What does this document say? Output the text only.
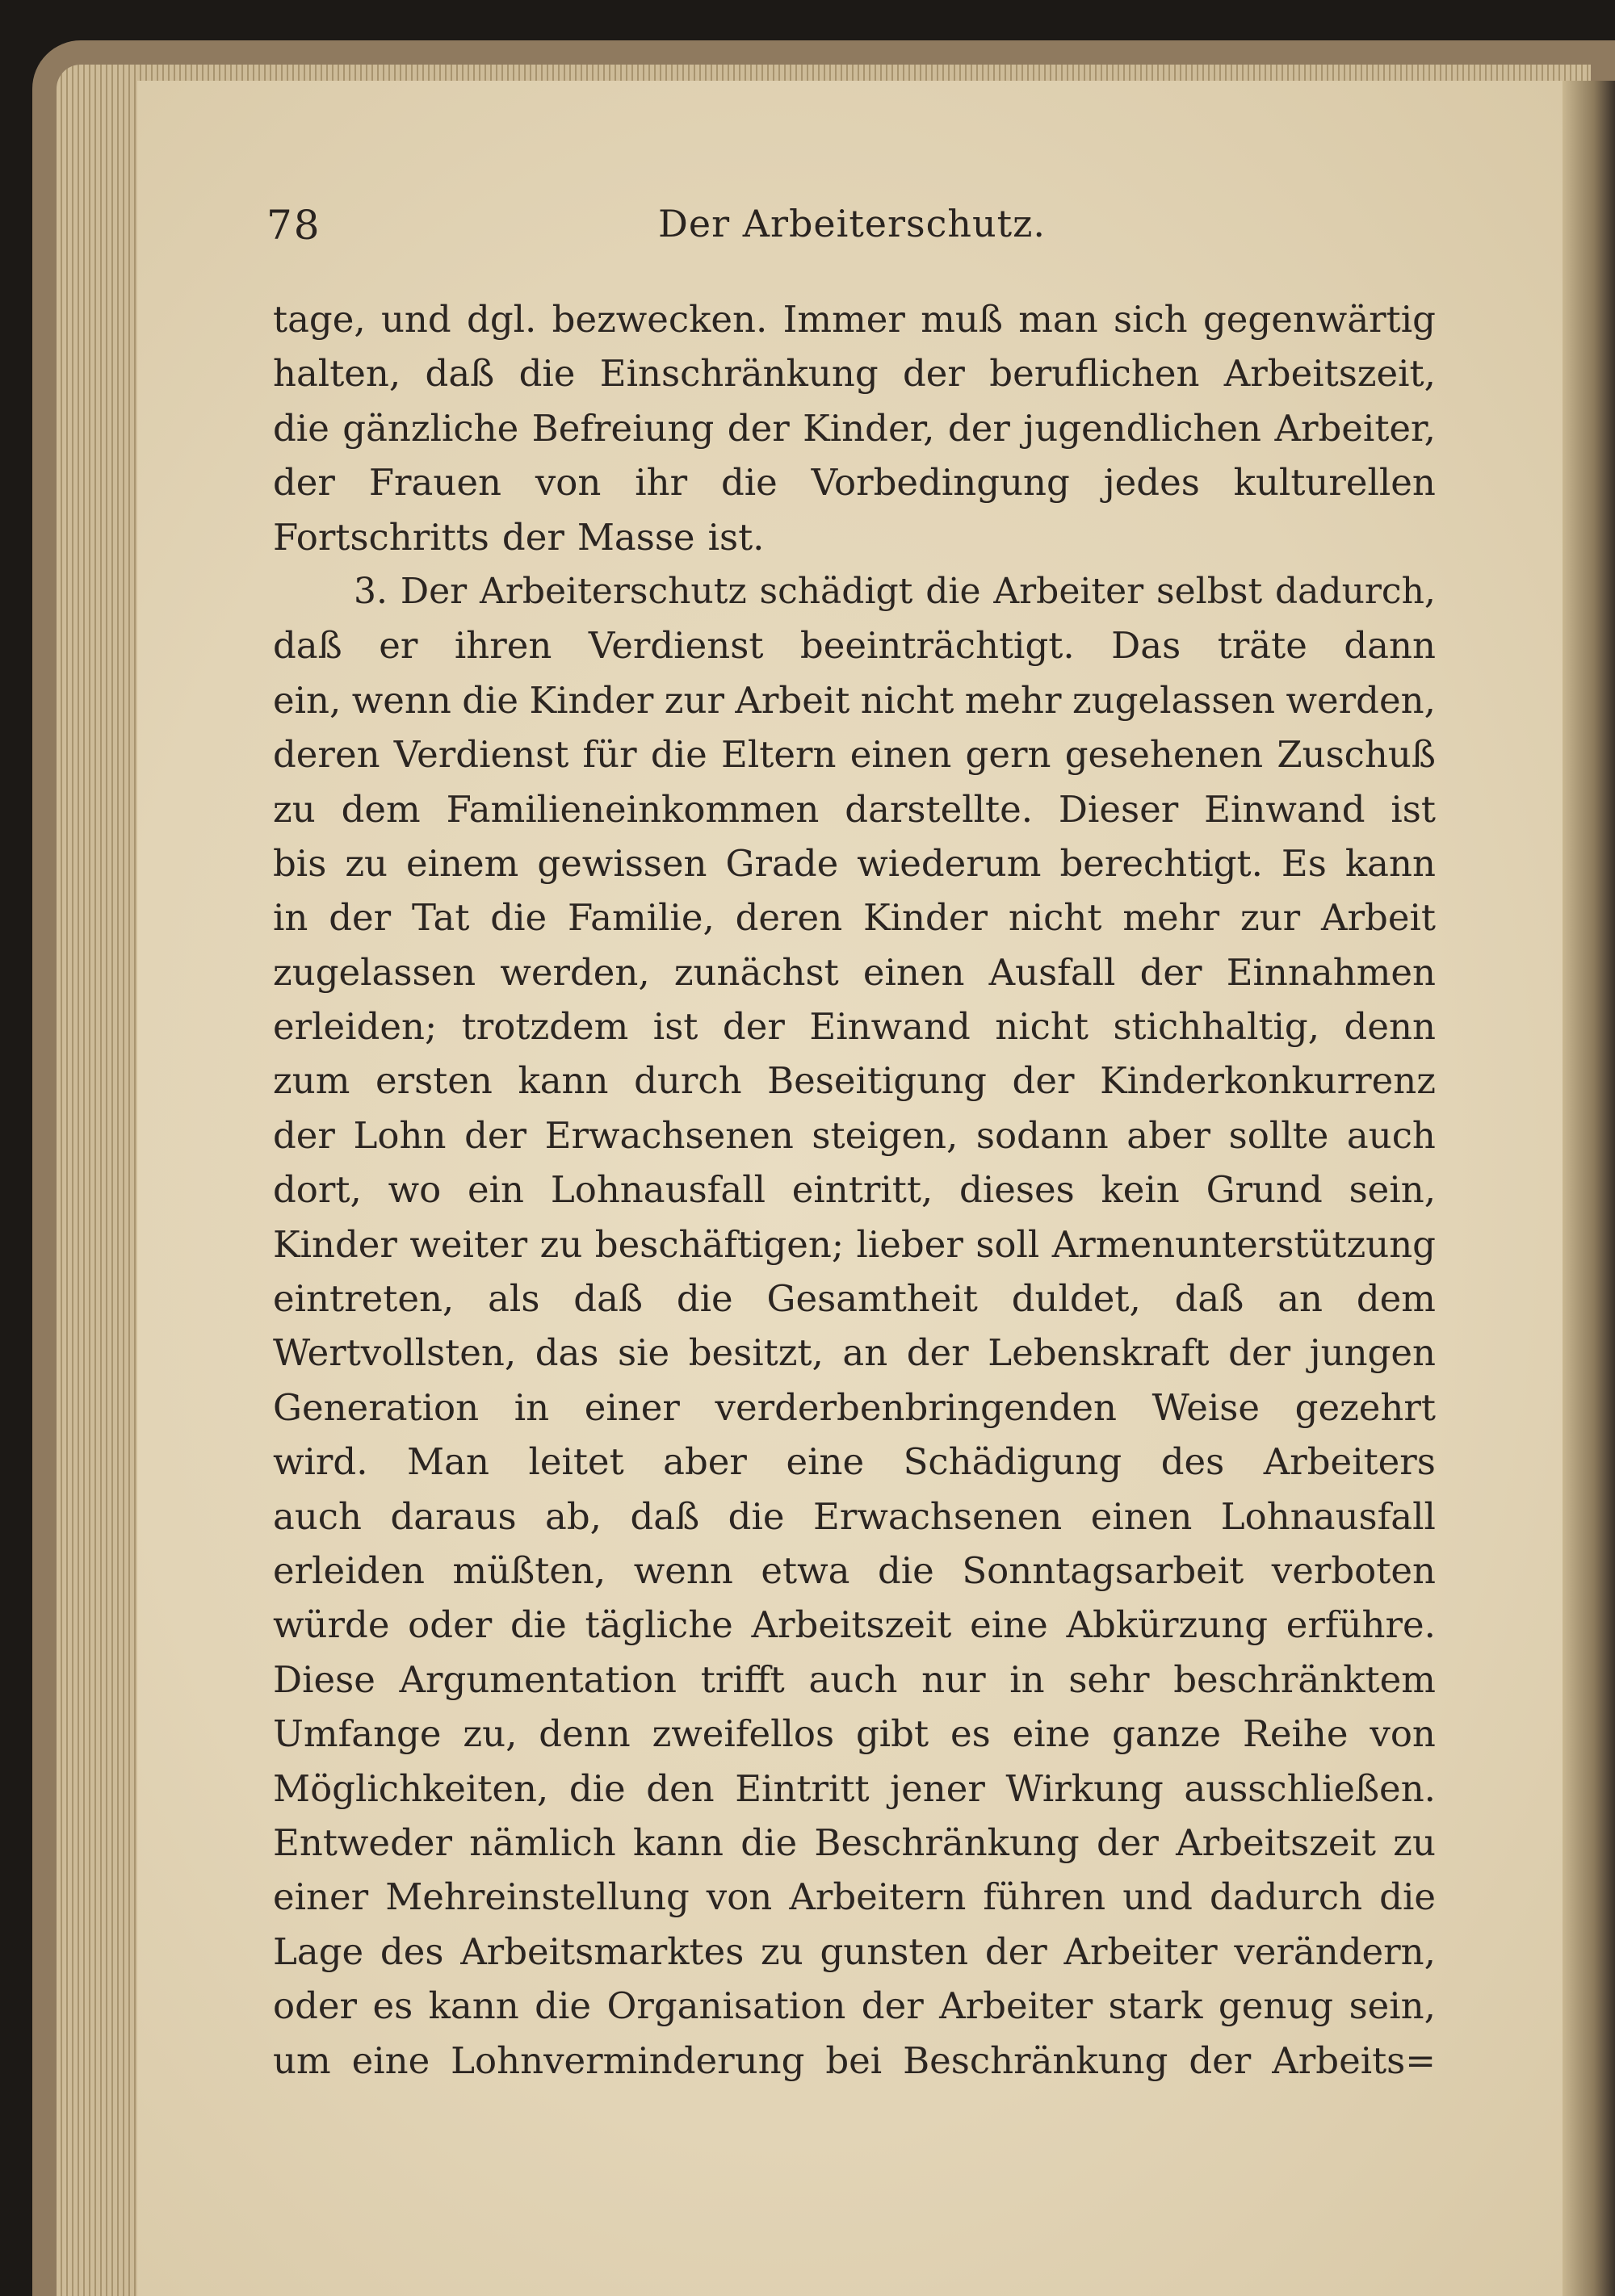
78	Der Arbeiterschutz.
tage, und dgl. bezwecken. Immer muß man sich gegenwärtig
halten, daß die Einschränkung der beruflichen Arbeitszeit,
die gänzliche Befreiung der Kinder, der jugendlichen Arbeiter,
der Frauen von ihr die Vorbedingung jedes kulturellen
Fortschritts der Masse ist.
3. Der Arbeiterschutz schädigt die Arbeiter selbst dadurch,
daß er ihren Verdienst beeinträchtigt. Das träte dann
ein, wenn die Kinder zur Arbeit nicht mehr zugelassen werden,
deren Verdienst für die Eltern einen gern gesehenen Zuschuß
zu dem Familieneinkommen darstellte. Dieser Einwand ist
bis zu einem gewissen Grade wiederum berechtigt. Es kann
in der Tat die Familie, deren Kinder nicht mehr zur Arbeit
zugelassen werden, zunächst einen Ausfall der Einnahmen
erleiden; trotzdem ist der Einwand nicht stichhaltig, denn
zum ersten kann durch Beseitigung der Kinderkonkurrenz
der Lohn der Erwachsenen steigen, sodann aber sollte auch
dort, wo ein Lohnausfall eintritt, dieses kein Grund sein,
Kinder weiter zu beschäftigen; lieber soll Armenunterstützung
eintreten, als daß die Gesamtheit duldet, daß an dem
Wertvollsten, das sie besitzt, an der Lebenskraft der jungen
Generation in einer verderbenbringenden Weise gezehrt
wird. Man leitet aber eine Schädigung des Arbeiters
auch daraus ab, daß die Erwachsenen einen Lohnausfall
erleiden müßten, wenn etwa die Sonntagsarbeit verboten
würde oder die tägliche Arbeitszeit eine Abkürzung erführe.
Diese Argumentation trifft auch nur in sehr beschränktem
Umfange zu, denn zweifellos gibt es eine ganze Reihe von
Möglichkeiten, die den Eintritt jener Wirkung ausschließen.
Entweder nämlich kann die Beschränkung der Arbeitszeit zu
einer Mehreinstellung von Arbeitern führen und dadurch die
Lage des Arbeitsmarktes zu gunsten der Arbeiter verändern,
oder es kann die Organisation der Arbeiter stark genug sein,
um eine Lohnverminderung bei Beschränkung der Arbeits=
